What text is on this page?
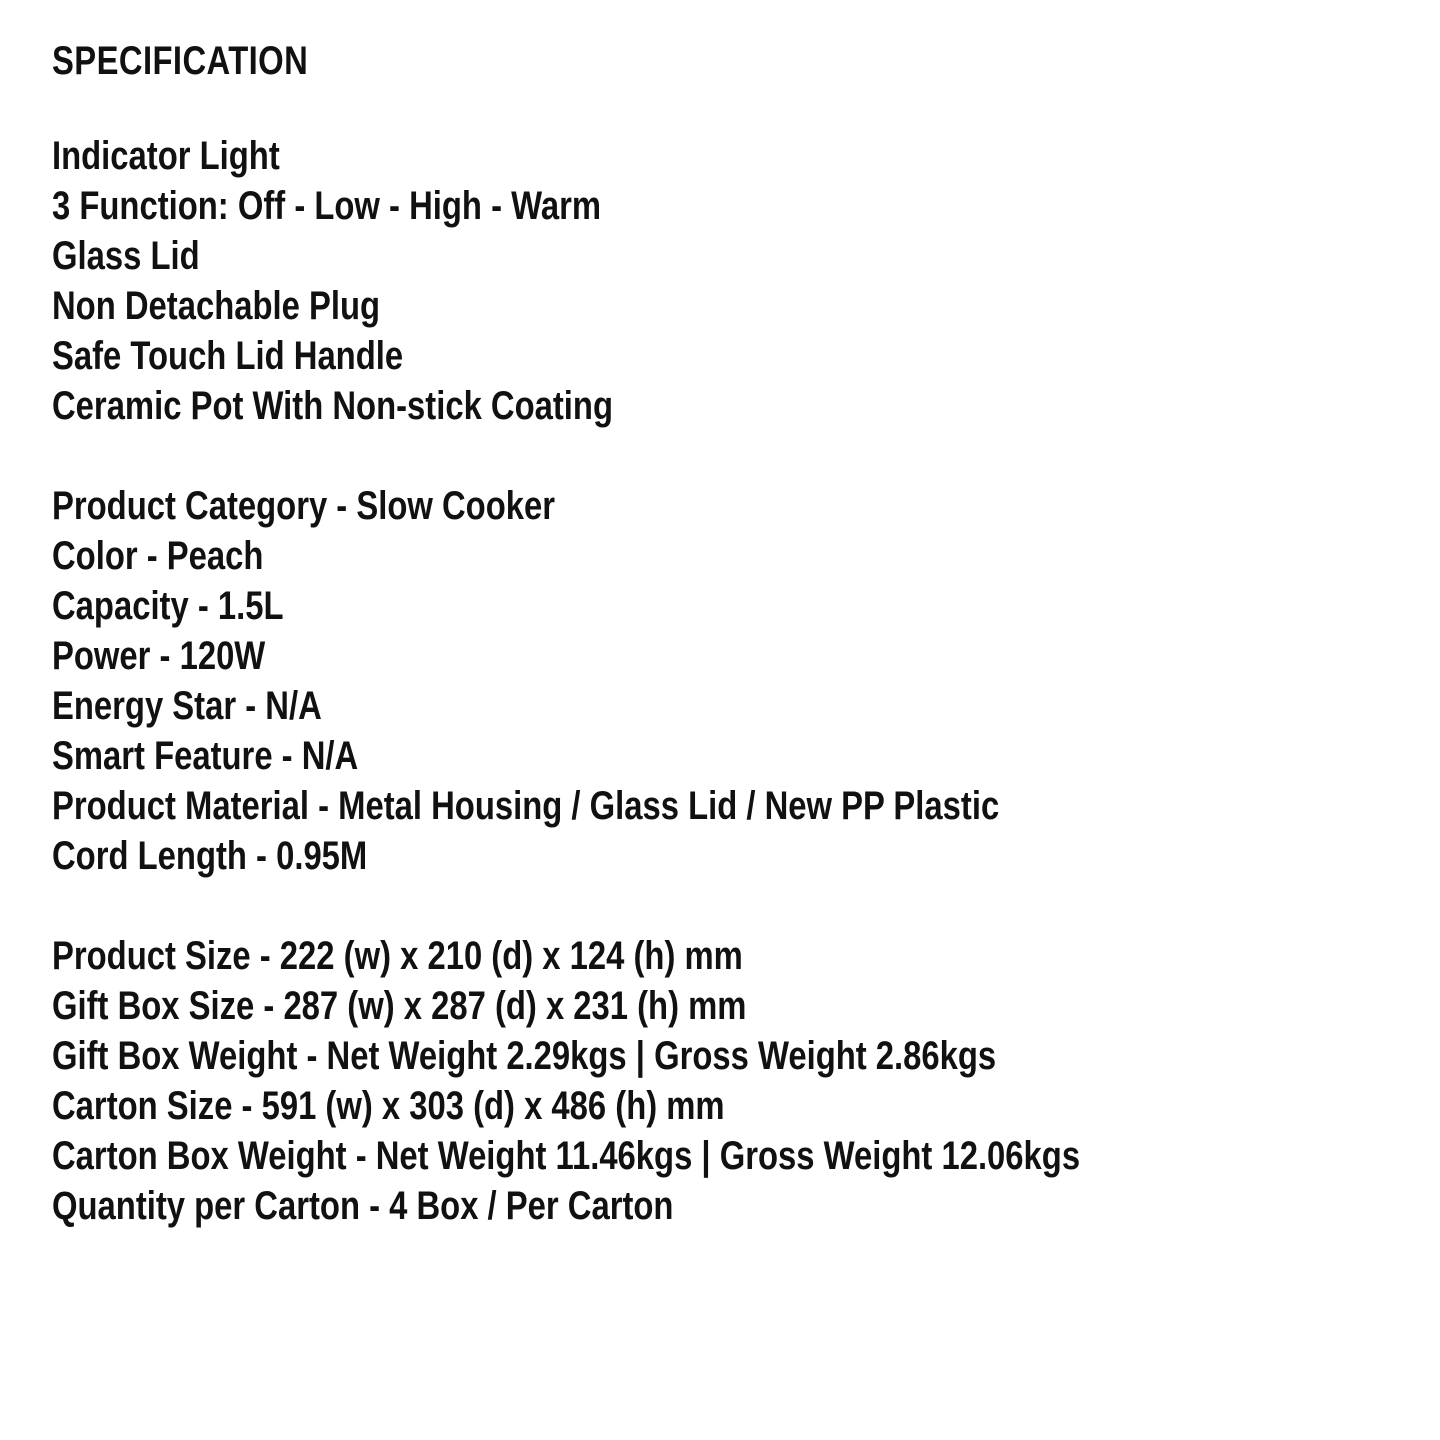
SPECIFICATION

Indicator Light

3 Function: Off - Low - High - Warm

Glass Lid

Non Detachable Plug

Safe Touch Lid Handle

Ceramic Pot With Non-stick Coating

Product Category - Slow Cooker

Color - Peach

Capacity - 1.5L

Power - 120W

Energy Star - N/A

Smart Feature - N/A

Product Material - Metal Housing / Glass Lid / New PP Plastic

Cord Length - 0.95M

Product Size - 222 (w) x 210 (d) x 124 (h) mm

Gift Box Size - 287 (w) x 287 (d) x 231 (h) mm

Gift Box Weight - Net Weight 2.29kgs | Gross Weight 2.86kgs

Carton Size - 591 (w) x 303 (d) x 486 (h) mm

Carton Box Weight - Net Weight 11.46kgs | Gross Weight 12.06kgs

Quantity per Carton - 4 Box / Per Carton
